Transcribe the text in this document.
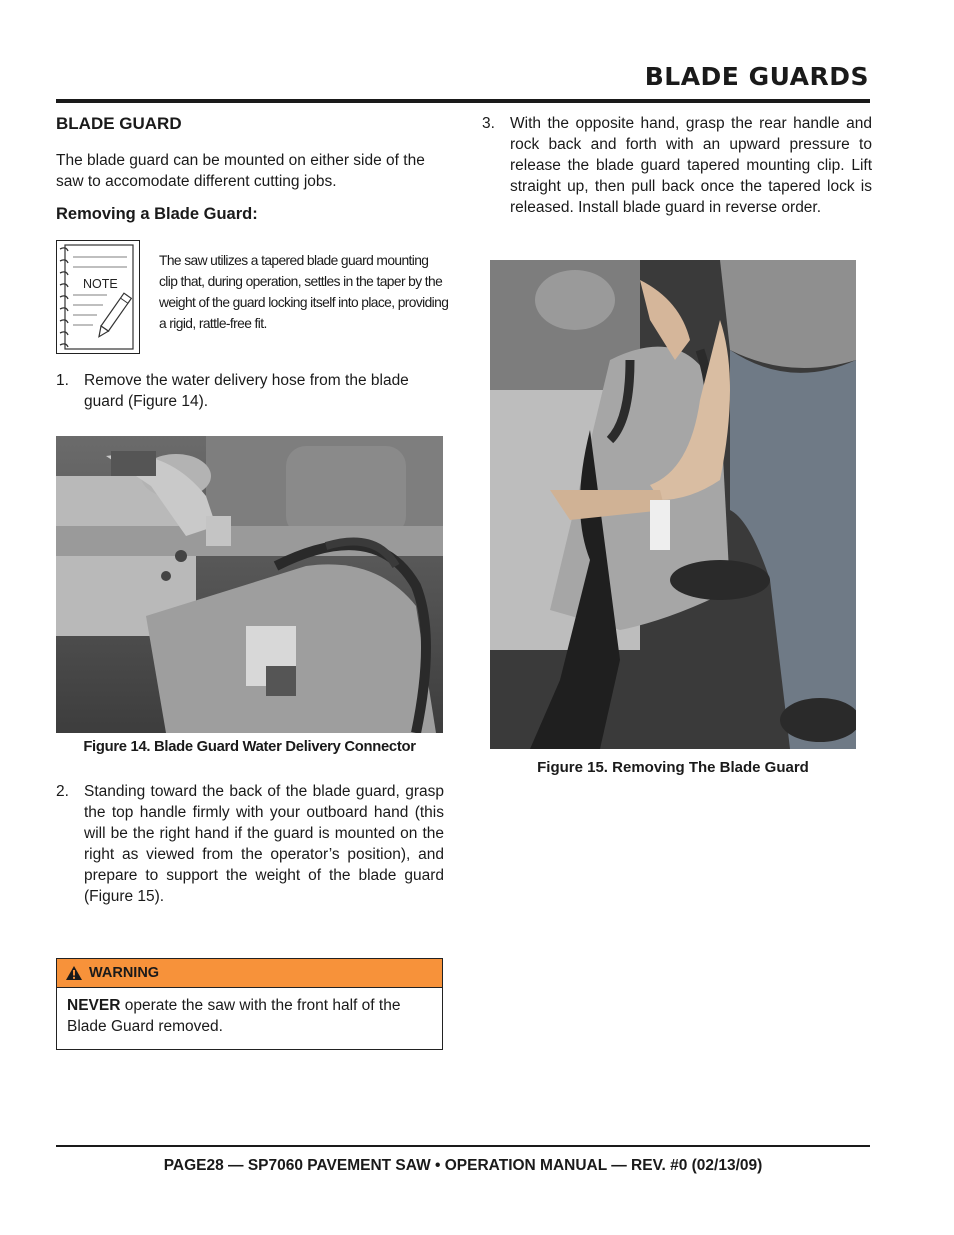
BLADE GUARDS
BLADE GUARD
The blade guard can be mounted on either side of the saw to accomodate different cutting jobs.
Removing a Blade Guard:
NOTE
The saw utilizes a tapered blade guard mounting clip that, during operation, settles in the taper by the weight of the guard locking itself into place, providing a rigid, rattle-free fit.
1. Remove the water delivery hose from the blade guard (Figure 14).
Figure 14. Blade Guard Water Delivery Connector
2. Standing toward the back of the blade guard, grasp the top handle firmly with your outboard hand (this will be the right hand if the guard is mounted on the right as viewed from the operator’s position), and prepare to support the weight of the blade guard (Figure 15).
WARNING
NEVER operate the saw with the front half of the Blade Guard removed.
3. With the opposite hand, grasp the rear handle and rock back and forth with an upward pressure to release the blade guard tapered mounting clip. Lift straight up, then pull back once the tapered lock is released. Install blade guard in reverse order.
Figure 15. Removing The Blade Guard
PAGE28 — SP7060 PAVEMENT SAW • OPERATION MANUAL — REV. #0 (02/13/09)
